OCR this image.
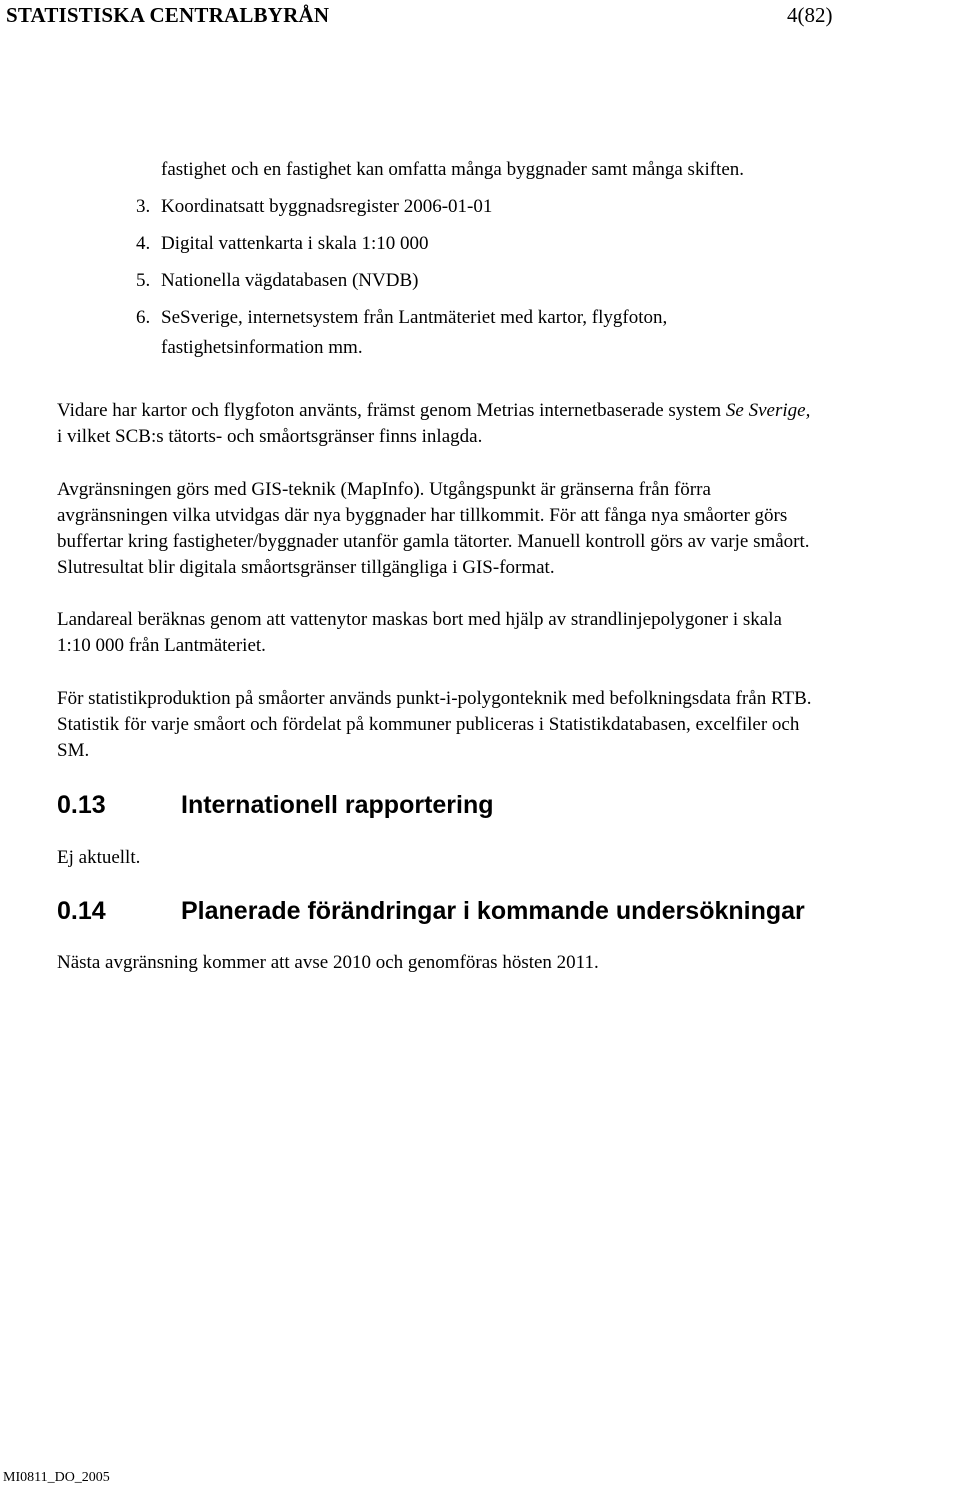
STATISTISKA CENTRALBYRÅN	4(82)
fastighet och en fastighet kan omfatta många byggnader samt många skiften.
3. Koordinatsatt byggnadsregister 2006-01-01
4. Digital vattenkarta i skala 1:10 000
5. Nationella vägdatabasen (NVDB)
6. SeSverige, internetsystem från Lantmäteriet med kartor, flygfoton,
fastighetsinformation mm.
Vidare har kartor och flygfoton använts, främst genom Metrias internetbaserade system Se Sverige,
i vilket SCB:s tätorts- och småortsgränser finns inlagda.
Avgränsningen görs med GIS-teknik (MapInfo). Utgångspunkt är gränserna från förra
avgränsningen vilka utvidgas där nya byggnader har tillkommit. För att fånga nya småorter görs
buffertar kring fastigheter/byggnader utanför gamla tätorter. Manuell kontroll görs av varje småort.
Slutresultat blir digitala småortsgränser tillgängliga i GIS-format.
Landareal beräknas genom att vattenytor maskas bort med hjälp av strandlinjepolygoner i skala
1:10 000 från Lantmäteriet.
För statistikproduktion på småorter används punkt-i-polygonteknik med befolkningsdata från RTB.
Statistik för varje småort och fördelat på kommuner publiceras i Statistikdatabasen, excelfiler och
SM.
0.13	Internationell rapportering
Ej aktuellt.
0.14	Planerade förändringar i kommande undersökningar
Nästa avgränsning kommer att avse 2010 och genomföras hösten 2011.
MI0811_DO_2005
